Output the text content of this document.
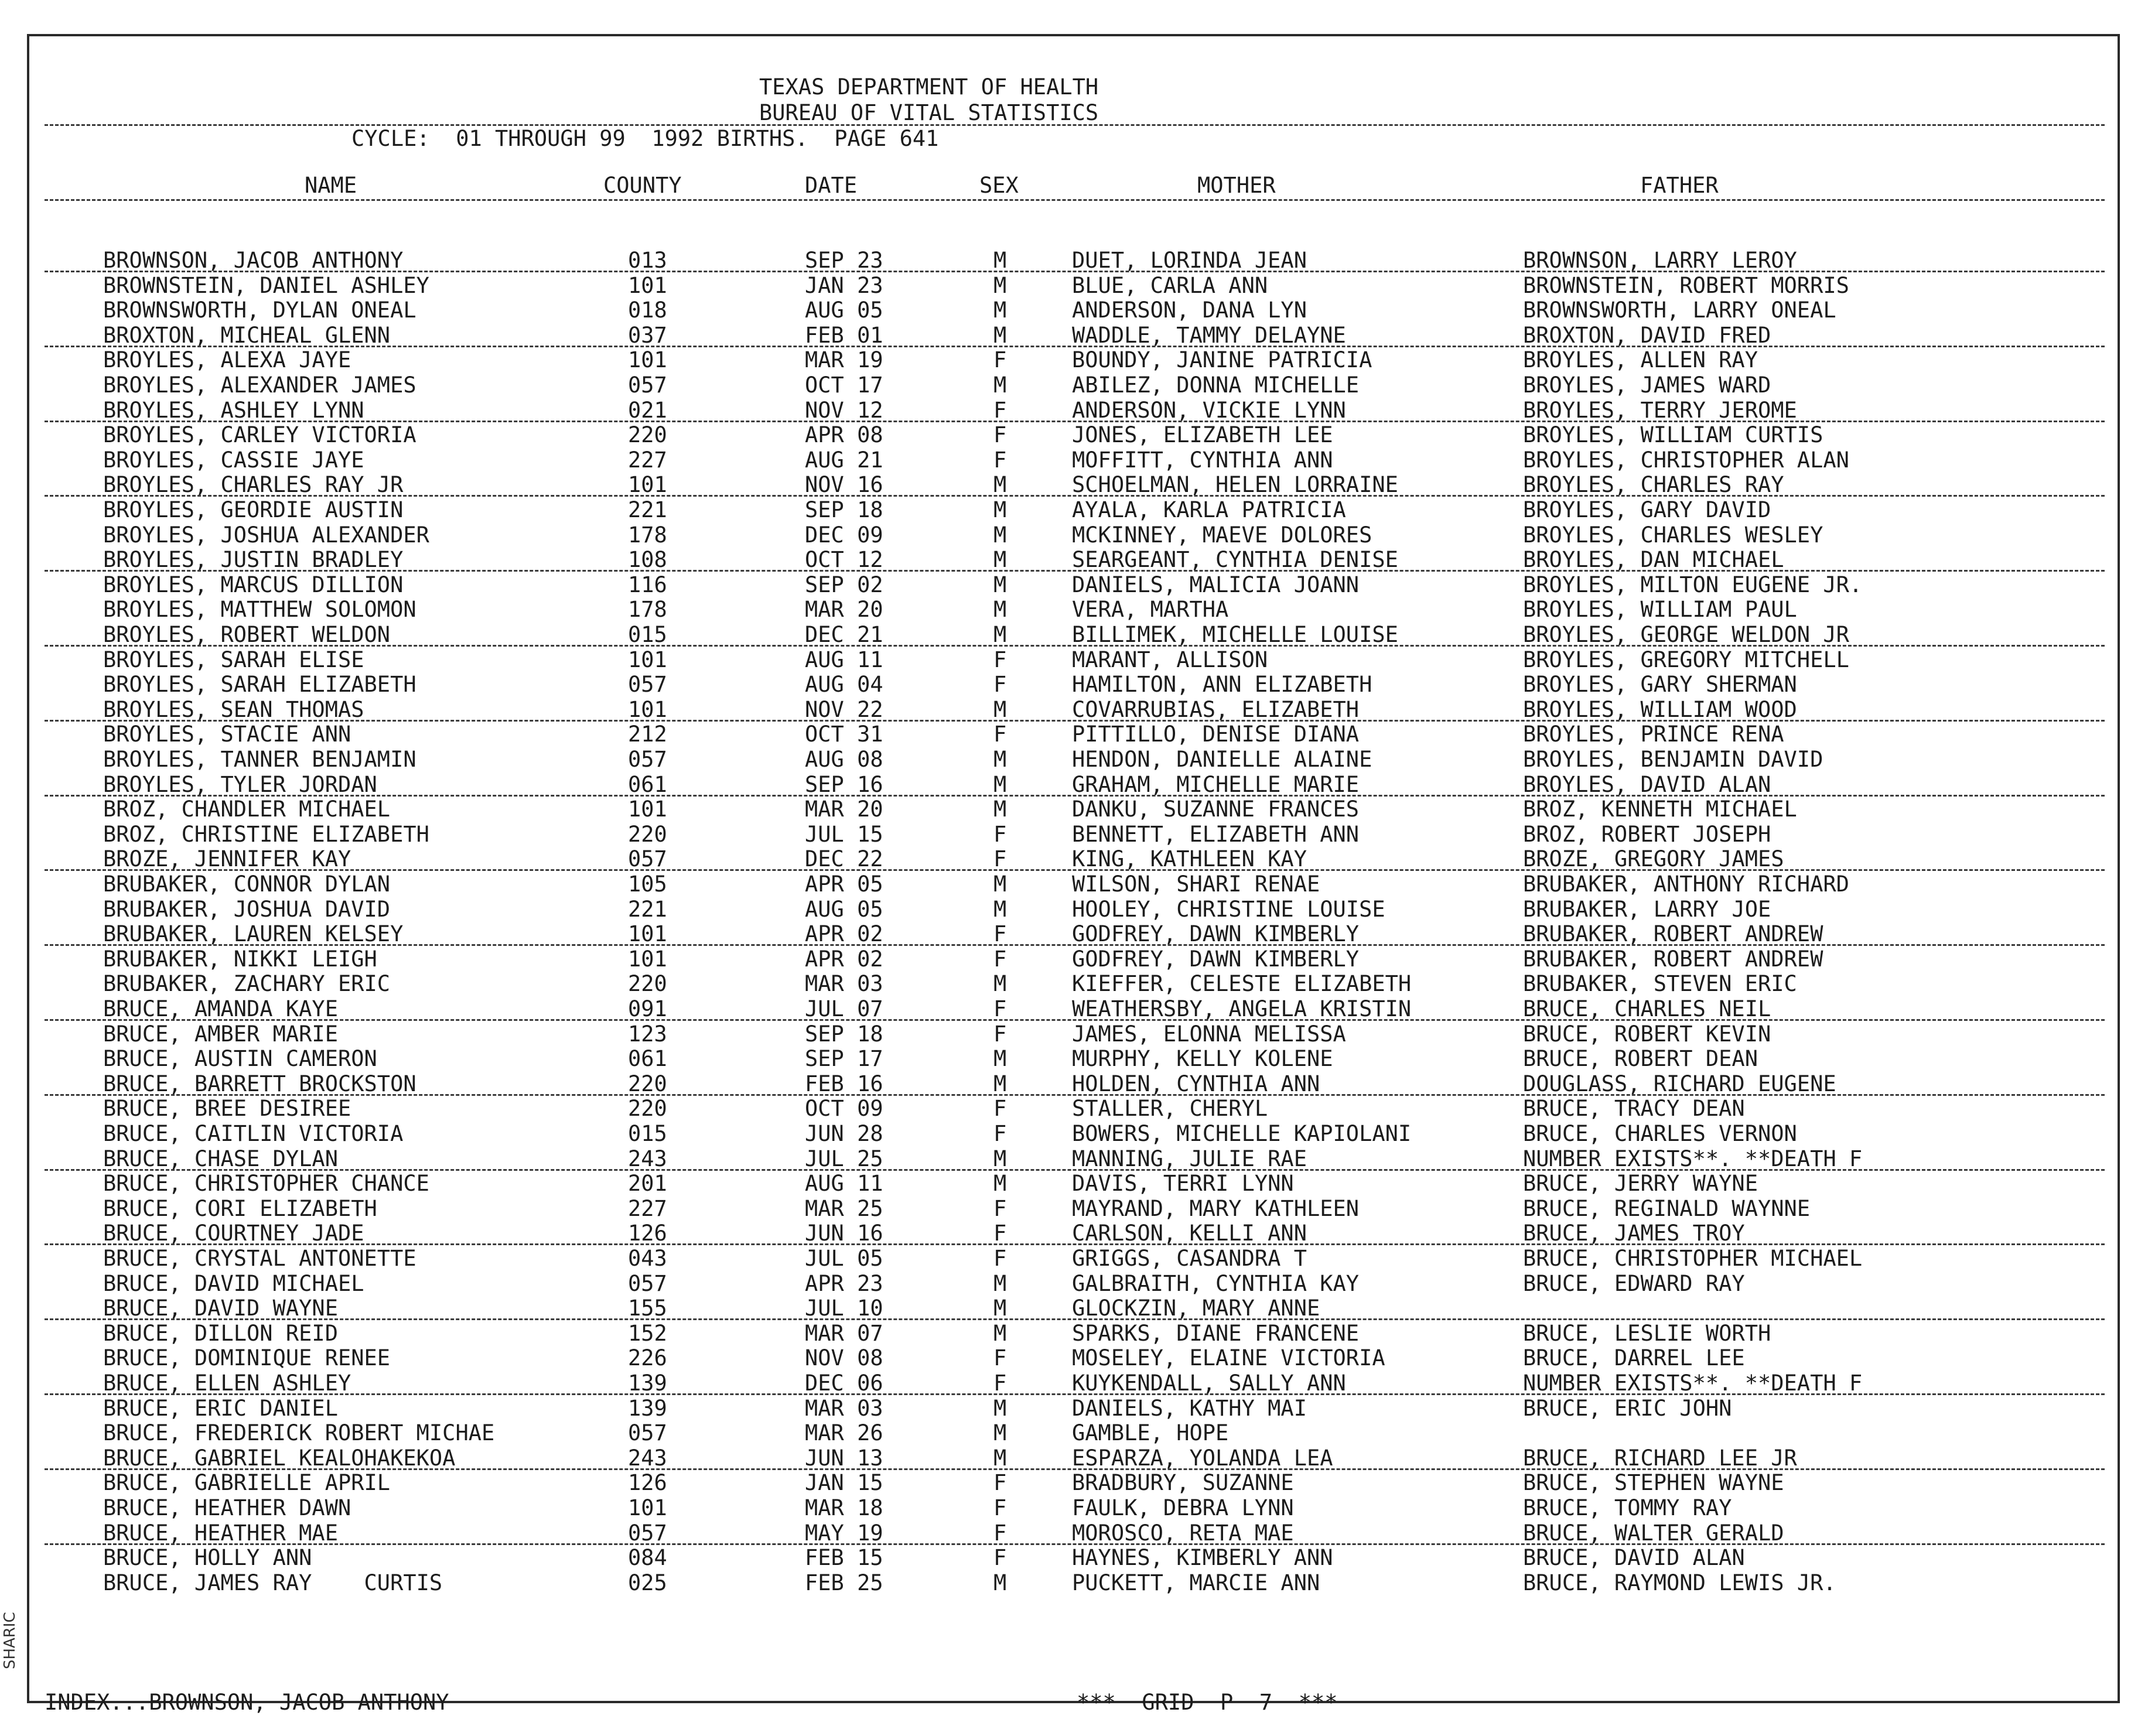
SHARIC
TEXAS DEPARTMENT OF HEALTH
BUREAU OF VITAL STATISTICS
CYCLE:  01 THROUGH 99  1992 BIRTHS.  PAGE 641
NAME	COUNTY	DATE	SEX	MOTHER	FATHER
BROWNSON, JACOB ANTHONY	013	SEP 23	M	DUET, LORINDA JEAN	BROWNSON, LARRY LEROY
BROWNSTEIN, DANIEL ASHLEY	101	JAN 23	M	BLUE, CARLA ANN	BROWNSTEIN, ROBERT MORRIS
BROWNSWORTH, DYLAN ONEAL	018	AUG 05	M	ANDERSON, DANA LYN	BROWNSWORTH, LARRY ONEAL
BROXTON, MICHEAL GLENN	037	FEB 01	M	WADDLE, TAMMY DELAYNE	BROXTON, DAVID FRED
BROYLES, ALEXA JAYE	101	MAR 19	F	BOUNDY, JANINE PATRICIA	BROYLES, ALLEN RAY
BROYLES, ALEXANDER JAMES	057	OCT 17	M	ABILEZ, DONNA MICHELLE	BROYLES, JAMES WARD
BROYLES, ASHLEY LYNN	021	NOV 12	F	ANDERSON, VICKIE LYNN	BROYLES, TERRY JEROME
BROYLES, CARLEY VICTORIA	220	APR 08	F	JONES, ELIZABETH LEE	BROYLES, WILLIAM CURTIS
BROYLES, CASSIE JAYE	227	AUG 21	F	MOFFITT, CYNTHIA ANN	BROYLES, CHRISTOPHER ALAN
BROYLES, CHARLES RAY JR	101	NOV 16	M	SCHOELMAN, HELEN LORRAINE	BROYLES, CHARLES RAY
BROYLES, GEORDIE AUSTIN	221	SEP 18	M	AYALA, KARLA PATRICIA	BROYLES, GARY DAVID
BROYLES, JOSHUA ALEXANDER	178	DEC 09	M	MCKINNEY, MAEVE DOLORES	BROYLES, CHARLES WESLEY
BROYLES, JUSTIN BRADLEY	108	OCT 12	M	SEARGEANT, CYNTHIA DENISE	BROYLES, DAN MICHAEL
BROYLES, MARCUS DILLION	116	SEP 02	M	DANIELS, MALICIA JOANN	BROYLES, MILTON EUGENE JR.
BROYLES, MATTHEW SOLOMON	178	MAR 20	M	VERA, MARTHA	BROYLES, WILLIAM PAUL
BROYLES, ROBERT WELDON	015	DEC 21	M	BILLIMEK, MICHELLE LOUISE	BROYLES, GEORGE WELDON JR
BROYLES, SARAH ELISE	101	AUG 11	F	MARANT, ALLISON	BROYLES, GREGORY MITCHELL
BROYLES, SARAH ELIZABETH	057	AUG 04	F	HAMILTON, ANN ELIZABETH	BROYLES, GARY SHERMAN
BROYLES, SEAN THOMAS	101	NOV 22	M	COVARRUBIAS, ELIZABETH	BROYLES, WILLIAM WOOD
BROYLES, STACIE ANN	212	OCT 31	F	PITTILLO, DENISE DIANA	BROYLES, PRINCE RENA
BROYLES, TANNER BENJAMIN	057	AUG 08	M	HENDON, DANIELLE ALAINE	BROYLES, BENJAMIN DAVID
BROYLES, TYLER JORDAN	061	SEP 16	M	GRAHAM, MICHELLE MARIE	BROYLES, DAVID ALAN
BROZ, CHANDLER MICHAEL	101	MAR 20	M	DANKU, SUZANNE FRANCES	BROZ, KENNETH MICHAEL
BROZ, CHRISTINE ELIZABETH	220	JUL 15	F	BENNETT, ELIZABETH ANN	BROZ, ROBERT JOSEPH
BROZE, JENNIFER KAY	057	DEC 22	F	KING, KATHLEEN KAY	BROZE, GREGORY JAMES
BRUBAKER, CONNOR DYLAN	105	APR 05	M	WILSON, SHARI RENAE	BRUBAKER, ANTHONY RICHARD
BRUBAKER, JOSHUA DAVID	221	AUG 05	M	HOOLEY, CHRISTINE LOUISE	BRUBAKER, LARRY JOE
BRUBAKER, LAUREN KELSEY	101	APR 02	F	GODFREY, DAWN KIMBERLY	BRUBAKER, ROBERT ANDREW
BRUBAKER, NIKKI LEIGH	101	APR 02	F	GODFREY, DAWN KIMBERLY	BRUBAKER, ROBERT ANDREW
BRUBAKER, ZACHARY ERIC	220	MAR 03	M	KIEFFER, CELESTE ELIZABETH	BRUBAKER, STEVEN ERIC
BRUCE, AMANDA KAYE	091	JUL 07	F	WEATHERSBY, ANGELA KRISTIN	BRUCE, CHARLES NEIL
BRUCE, AMBER MARIE	123	SEP 18	F	JAMES, ELONNA MELISSA	BRUCE, ROBERT KEVIN
BRUCE, AUSTIN CAMERON	061	SEP 17	M	MURPHY, KELLY KOLENE	BRUCE, ROBERT DEAN
BRUCE, BARRETT BROCKSTON	220	FEB 16	M	HOLDEN, CYNTHIA ANN	DOUGLASS, RICHARD EUGENE
BRUCE, BREE DESIREE	220	OCT 09	F	STALLER, CHERYL	BRUCE, TRACY DEAN
BRUCE, CAITLIN VICTORIA	015	JUN 28	F	BOWERS, MICHELLE KAPIOLANI	BRUCE, CHARLES VERNON
BRUCE, CHASE DYLAN	243	JUL 25	M	MANNING, JULIE RAE	NUMBER EXISTS**. **DEATH F
BRUCE, CHRISTOPHER CHANCE	201	AUG 11	M	DAVIS, TERRI LYNN	BRUCE, JERRY WAYNE
BRUCE, CORI ELIZABETH	227	MAR 25	F	MAYRAND, MARY KATHLEEN	BRUCE, REGINALD WAYNNE
BRUCE, COURTNEY JADE	126	JUN 16	F	CARLSON, KELLI ANN	BRUCE, JAMES TROY
BRUCE, CRYSTAL ANTONETTE	043	JUL 05	F	GRIGGS, CASANDRA T	BRUCE, CHRISTOPHER MICHAEL
BRUCE, DAVID MICHAEL	057	APR 23	M	GALBRAITH, CYNTHIA KAY	BRUCE, EDWARD RAY
BRUCE, DAVID WAYNE	155	JUL 10	M	GLOCKZIN, MARY ANNE
BRUCE, DILLON REID	152	MAR 07	M	SPARKS, DIANE FRANCENE	BRUCE, LESLIE WORTH
BRUCE, DOMINIQUE RENEE	226	NOV 08	F	MOSELEY, ELAINE VICTORIA	BRUCE, DARREL LEE
BRUCE, ELLEN ASHLEY	139	DEC 06	F	KUYKENDALL, SALLY ANN	NUMBER EXISTS**. **DEATH F
BRUCE, ERIC DANIEL	139	MAR 03	M	DANIELS, KATHY MAI	BRUCE, ERIC JOHN
BRUCE, FREDERICK ROBERT MICHAE	057	MAR 26	M	GAMBLE, HOPE
BRUCE, GABRIEL KEALOHAKEKOA	243	JUN 13	M	ESPARZA, YOLANDA LEA	BRUCE, RICHARD LEE JR
BRUCE, GABRIELLE APRIL	126	JAN 15	F	BRADBURY, SUZANNE	BRUCE, STEPHEN WAYNE
BRUCE, HEATHER DAWN	101	MAR 18	F	FAULK, DEBRA LYNN	BRUCE, TOMMY RAY
BRUCE, HEATHER MAE	057	MAY 19	F	MOROSCO, RETA MAE	BRUCE, WALTER GERALD
BRUCE, HOLLY ANN	084	FEB 15	F	HAYNES, KIMBERLY ANN	BRUCE, DAVID ALAN
BRUCE, JAMES RAY    CURTIS	025	FEB 25	M	PUCKETT, MARCIE ANN	BRUCE, RAYMOND LEWIS JR.
INDEX...BROWNSON, JACOB ANTHONY	***  GRID  P  7  ***
